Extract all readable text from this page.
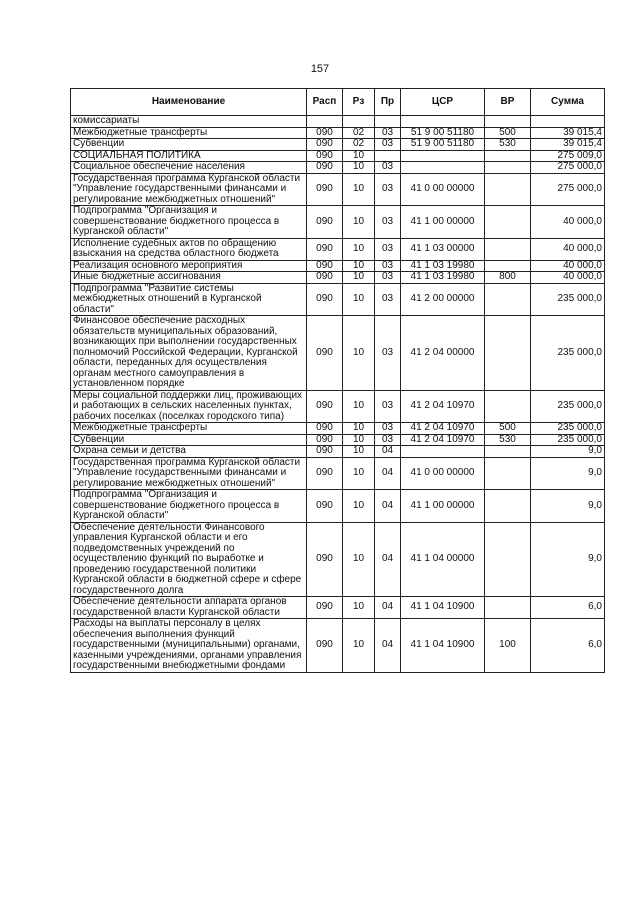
157
Наименование	Расп	Рз	Пр	ЦСР	ВР	Сумма
комиссариаты						
Межбюджетные трансферты	090	02	03	51 9 00 51180	500	39 015,4
Субвенции	090	02	03	51 9 00 51180	530	39 015,4
СОЦИАЛЬНАЯ ПОЛИТИКА	090	10				275 009,0
Социальное обеспечение населения	090	10	03			275 000,0
Государственная программа Курганской области "Управление государственными финансами и регулирование межбюджетных отношений"	090	10	03	41 0 00 00000		275 000,0
Подпрограмма "Организация и совершенствование бюджетного процесса в Курганской области"	090	10	03	41 1 00 00000		40 000,0
Исполнение судебных актов по обращению взыскания на средства областного бюджета	090	10	03	41 1 03 00000		40 000,0
Реализация основного мероприятия	090	10	03	41 1 03 19980		40 000,0
Иные бюджетные ассигнования	090	10	03	41 1 03 19980	800	40 000,0
Подпрограмма "Развитие системы межбюджетных отношений в Курганской области"	090	10	03	41 2 00 00000		235 000,0
Финансовое обеспечение расходных обязательств муниципальных образований, возникающих при выполнении государственных полномочий Российской Федерации, Курганской области, переданных для осуществления органам местного самоуправления в установленном порядке	090	10	03	41 2 04 00000		235 000,0
Меры социальной поддержки лиц, проживающих и работающих в сельских населенных пунктах, рабочих поселках (поселках городского типа)	090	10	03	41 2 04 10970		235 000,0
Межбюджетные трансферты	090	10	03	41 2 04 10970	500	235 000,0
Субвенции	090	10	03	41 2 04 10970	530	235 000,0
Охрана семьи и детства	090	10	04			9,0
Государственная программа Курганской области "Управление государственными финансами и регулирование межбюджетных отношений"	090	10	04	41 0 00 00000		9,0
Подпрограмма "Организация и совершенствование бюджетного процесса в Курганской области"	090	10	04	41 1 00 00000		9,0
Обеспечение деятельности Финансового управления Курганской области и его подведомственных учреждений по осуществлению функций по выработке и проведению государственной политики Курганской области в бюджетной сфере и сфере государственного долга	090	10	04	41 1 04 00000		9,0
Обеспечение деятельности аппарата органов государственной власти Курганской области	090	10	04	41 1 04 10900		6,0
Расходы на выплаты персоналу в целях обеспечения выполнения функций государственными (муниципальными) органами, казенными учреждениями, органами управления государственными внебюджетными фондами	090	10	04	41 1 04 10900	100	6,0
